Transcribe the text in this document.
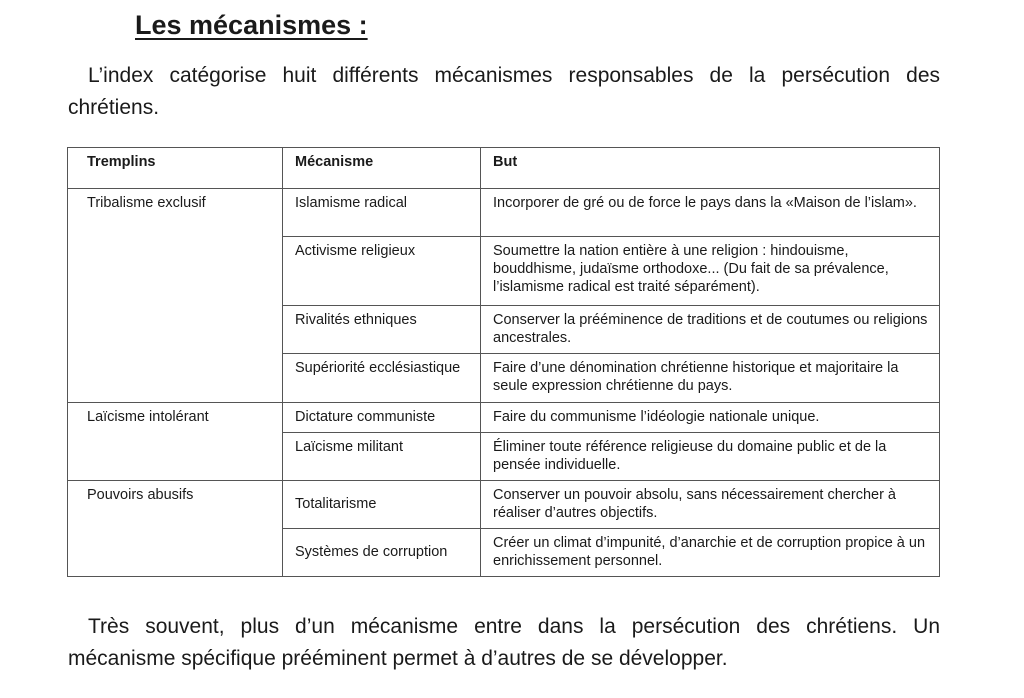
Les mécanismes :

L’index catégorise huit différents mécanismes responsables de la persécution des chrétiens.

Tremplins	Mécanisme	But
Tribalisme exclusif	Islamisme radical	Incorporer de gré ou de force le pays dans la «Maison de l’islam».
	Activisme religieux	Soumettre la nation entière à une religion : hindouisme, bouddhisme, judaïsme orthodoxe... (Du fait de sa prévalence, l’islamisme radical est traité séparément).
	Rivalités ethniques	Conserver la prééminence de traditions et de coutumes ou religions ancestrales.
	Supériorité ecclésiastique	Faire d’une dénomination chrétienne historique et majoritaire la seule expression chrétienne du pays.
Laïcisme intolérant	Dictature communiste	Faire du communisme l’idéologie nationale unique.
	Laïcisme militant	Éliminer toute référence religieuse du domaine public et de la pensée individuelle.
Pouvoirs abusifs	Totalitarisme	Conserver un pouvoir absolu, sans nécessairement chercher à réaliser d’autres objectifs.
	Systèmes de corruption	Créer un climat d’impunité, d’anarchie et de corruption propice à un enrichissement personnel.

Très souvent, plus d’un mécanisme entre dans la persécution des chrétiens. Un mécanisme spécifique prééminent permet à d’autres de se développer.
